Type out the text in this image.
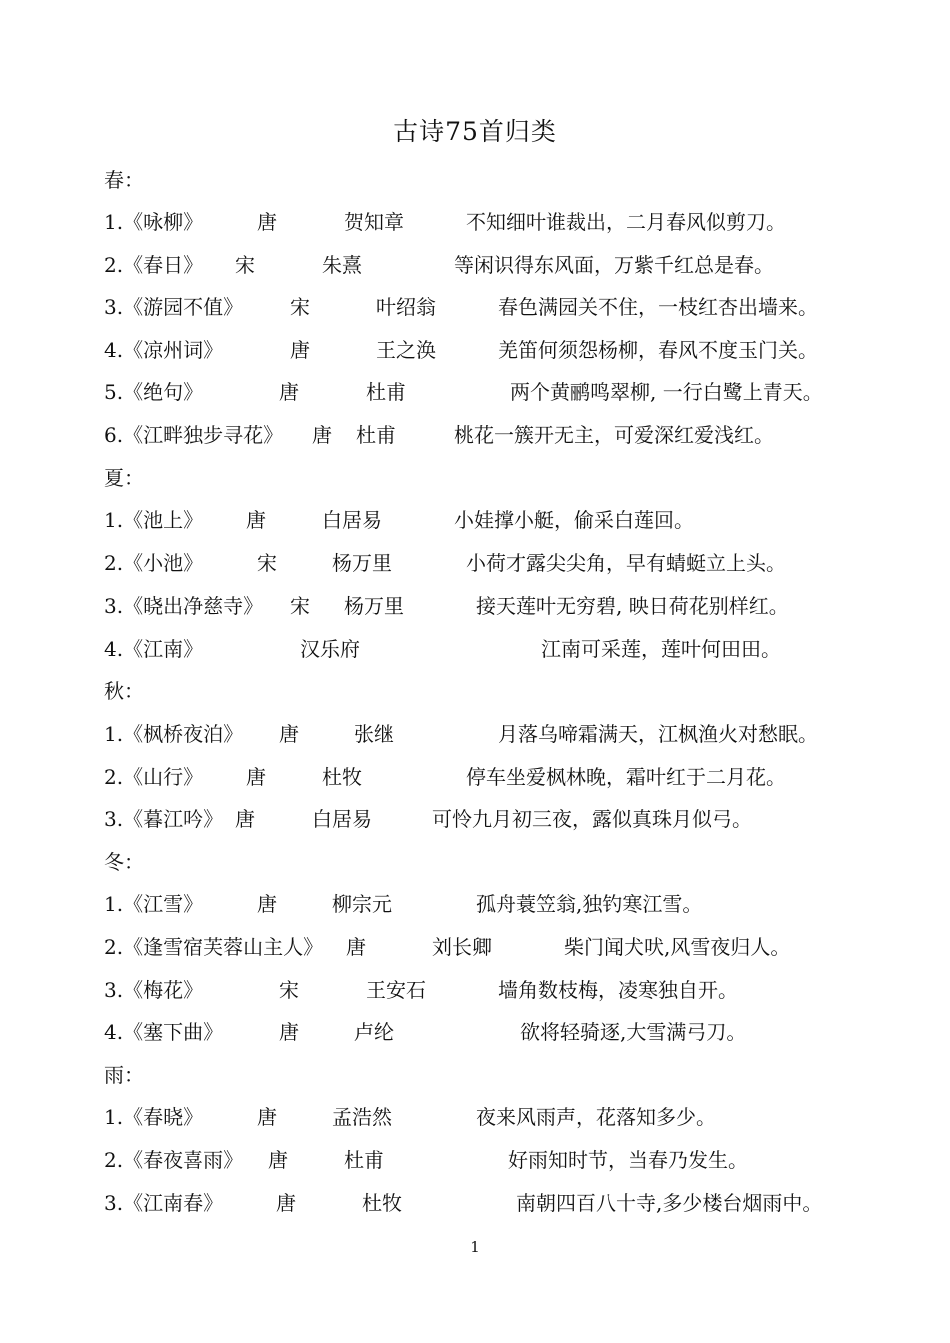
古诗75首归类
春：
1.《咏柳》	唐	贺知章	不知细叶谁裁出，二月春风似剪刀。
2.《春日》 宋	朱熹	等闲识得东风面，万紫千红总是春。
3.《游园不值》 宋	叶绍翁	春色满园关不住，一枝红杏出墙来。
4.《凉州词》	唐	王之涣	羌笛何须怨杨柳，春风不度玉门关。
5.《绝句》	唐	杜甫	两个黄鹂鸣翠柳, 一行白鹭上青天。
6.《江畔独步寻花》 唐 杜甫	桃花一簇开无主，可爱深红爱浅红。
夏：
1.《池上》 唐	白居易	小娃撑小艇，偷采白莲回。
2.《小池》	宋	杨万里	小荷才露尖尖角，早有蜻蜓立上头。
3.《晓出净慈寺》 宋 杨万里	接天莲叶无穷碧, 映日荷花别样红。
4.《江南》	汉乐府	江南可采莲，莲叶何田田。
秋：
1.《枫桥夜泊》 唐	张继	月落乌啼霜满天，江枫渔火对愁眠。
2.《山行》 唐	杜牧	停车坐爱枫林晚，霜叶红于二月花。
3.《暮江吟》 唐	白居易	可怜九月初三夜，露似真珠月似弓。
冬：
1.《江雪》	唐	柳宗元	孤舟蓑笠翁,独钓寒江雪。
2.《逢雪宿芙蓉山主人》 唐	刘长卿	柴门闻犬吠,风雪夜归人。
3.《梅花》	宋	王安石	墙角数枝梅，凌寒独自开。
4.《塞下曲》	唐	卢纶	欲将轻骑逐,大雪满弓刀。
雨：
1.《春晓》	唐	孟浩然	夜来风雨声，花落知多少。
2.《春夜喜雨》 唐	杜甫	好雨知时节，当春乃发生。
3.《江南春》	唐	杜牧	南朝四百八十寺,多少楼台烟雨中。
1
